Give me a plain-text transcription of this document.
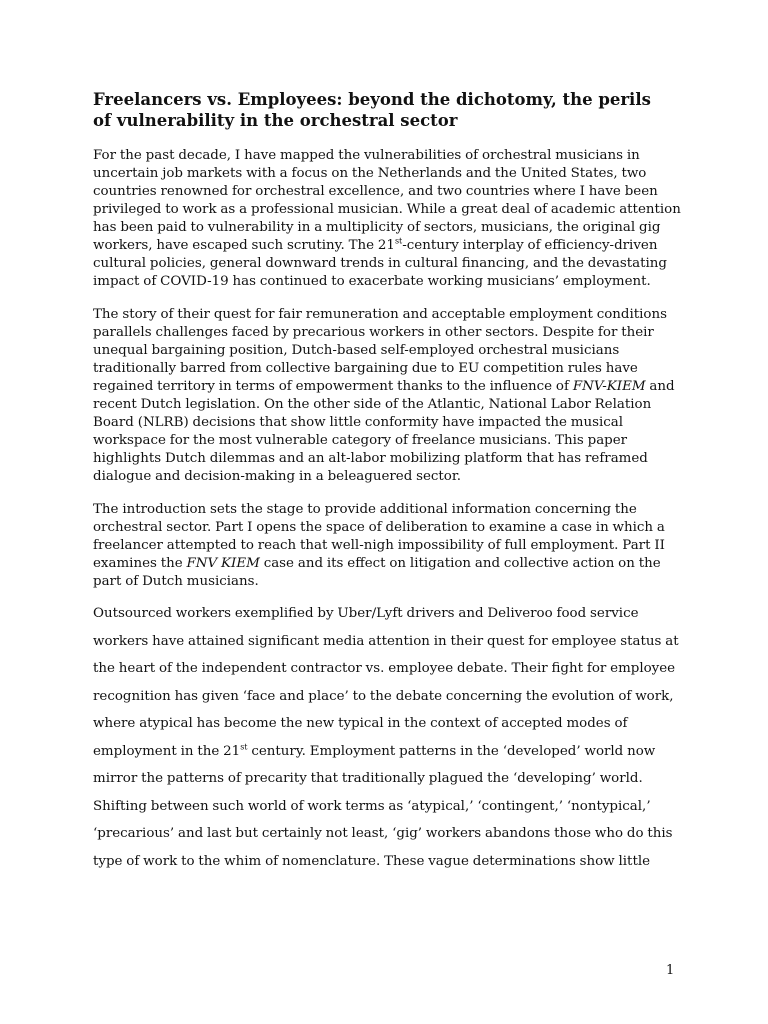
Freelancers vs. Employees: beyond the dichotomy, the perils of vulnerability in the orchestral sector

For the past decade, I have mapped the vulnerabilities of orchestral musicians in
uncertain job markets with a focus on the Netherlands and the United States, two
countries renowned for orchestral excellence, and two countries where I have been
privileged to work as a professional musician. While a great deal of academic attention
has been paid to vulnerability in a multiplicity of sectors, musicians, the original gig
workers, have escaped such scrutiny. The 21st-century interplay of efficiency-driven
cultural policies, general downward trends in cultural financing, and the devastating
impact of COVID-19 has continued to exacerbate working musicians’ employment.

The story of their quest for fair remuneration and acceptable employment conditions
parallels challenges faced by precarious workers in other sectors. Despite for their
unequal bargaining position, Dutch-based self-employed orchestral musicians
traditionally barred from collective bargaining due to EU competition rules have
regained territory in terms of empowerment thanks to the influence of FNV-KIEM and
recent Dutch legislation. On the other side of the Atlantic, National Labor Relation
Board (NLRB) decisions that show little conformity have impacted the musical
workspace for the most vulnerable category of freelance musicians. This paper
highlights Dutch dilemmas and an alt-labor mobilizing platform that has reframed
dialogue and decision-making in a beleaguered sector.

The introduction sets the stage to provide additional information concerning the
orchestral sector. Part I opens the space of deliberation to examine a case in which a
freelancer attempted to reach that well-nigh impossibility of full employment. Part II
examines the FNV KIEM case and its effect on litigation and collective action on the
part of Dutch musicians.

Outsourced workers exemplified by Uber/Lyft drivers and Deliveroo food service
workers have attained significant media attention in their quest for employee status at
the heart of the independent contractor vs. employee debate. Their fight for employee
recognition has given ‘face and place’ to the debate concerning the evolution of work,
where atypical has become the new typical in the context of accepted modes of
employment in the 21st century. Employment patterns in the ‘developed’ world now
mirror the patterns of precarity that traditionally plagued the ‘developing’ world.
Shifting between such world of work terms as ‘atypical,’ ‘contingent,’ ‘nontypical,’
‘precarious’ and last but certainly not least, ‘gig’ workers abandons those who do this
type of work to the whim of nomenclature. These vague determinations show little

1
